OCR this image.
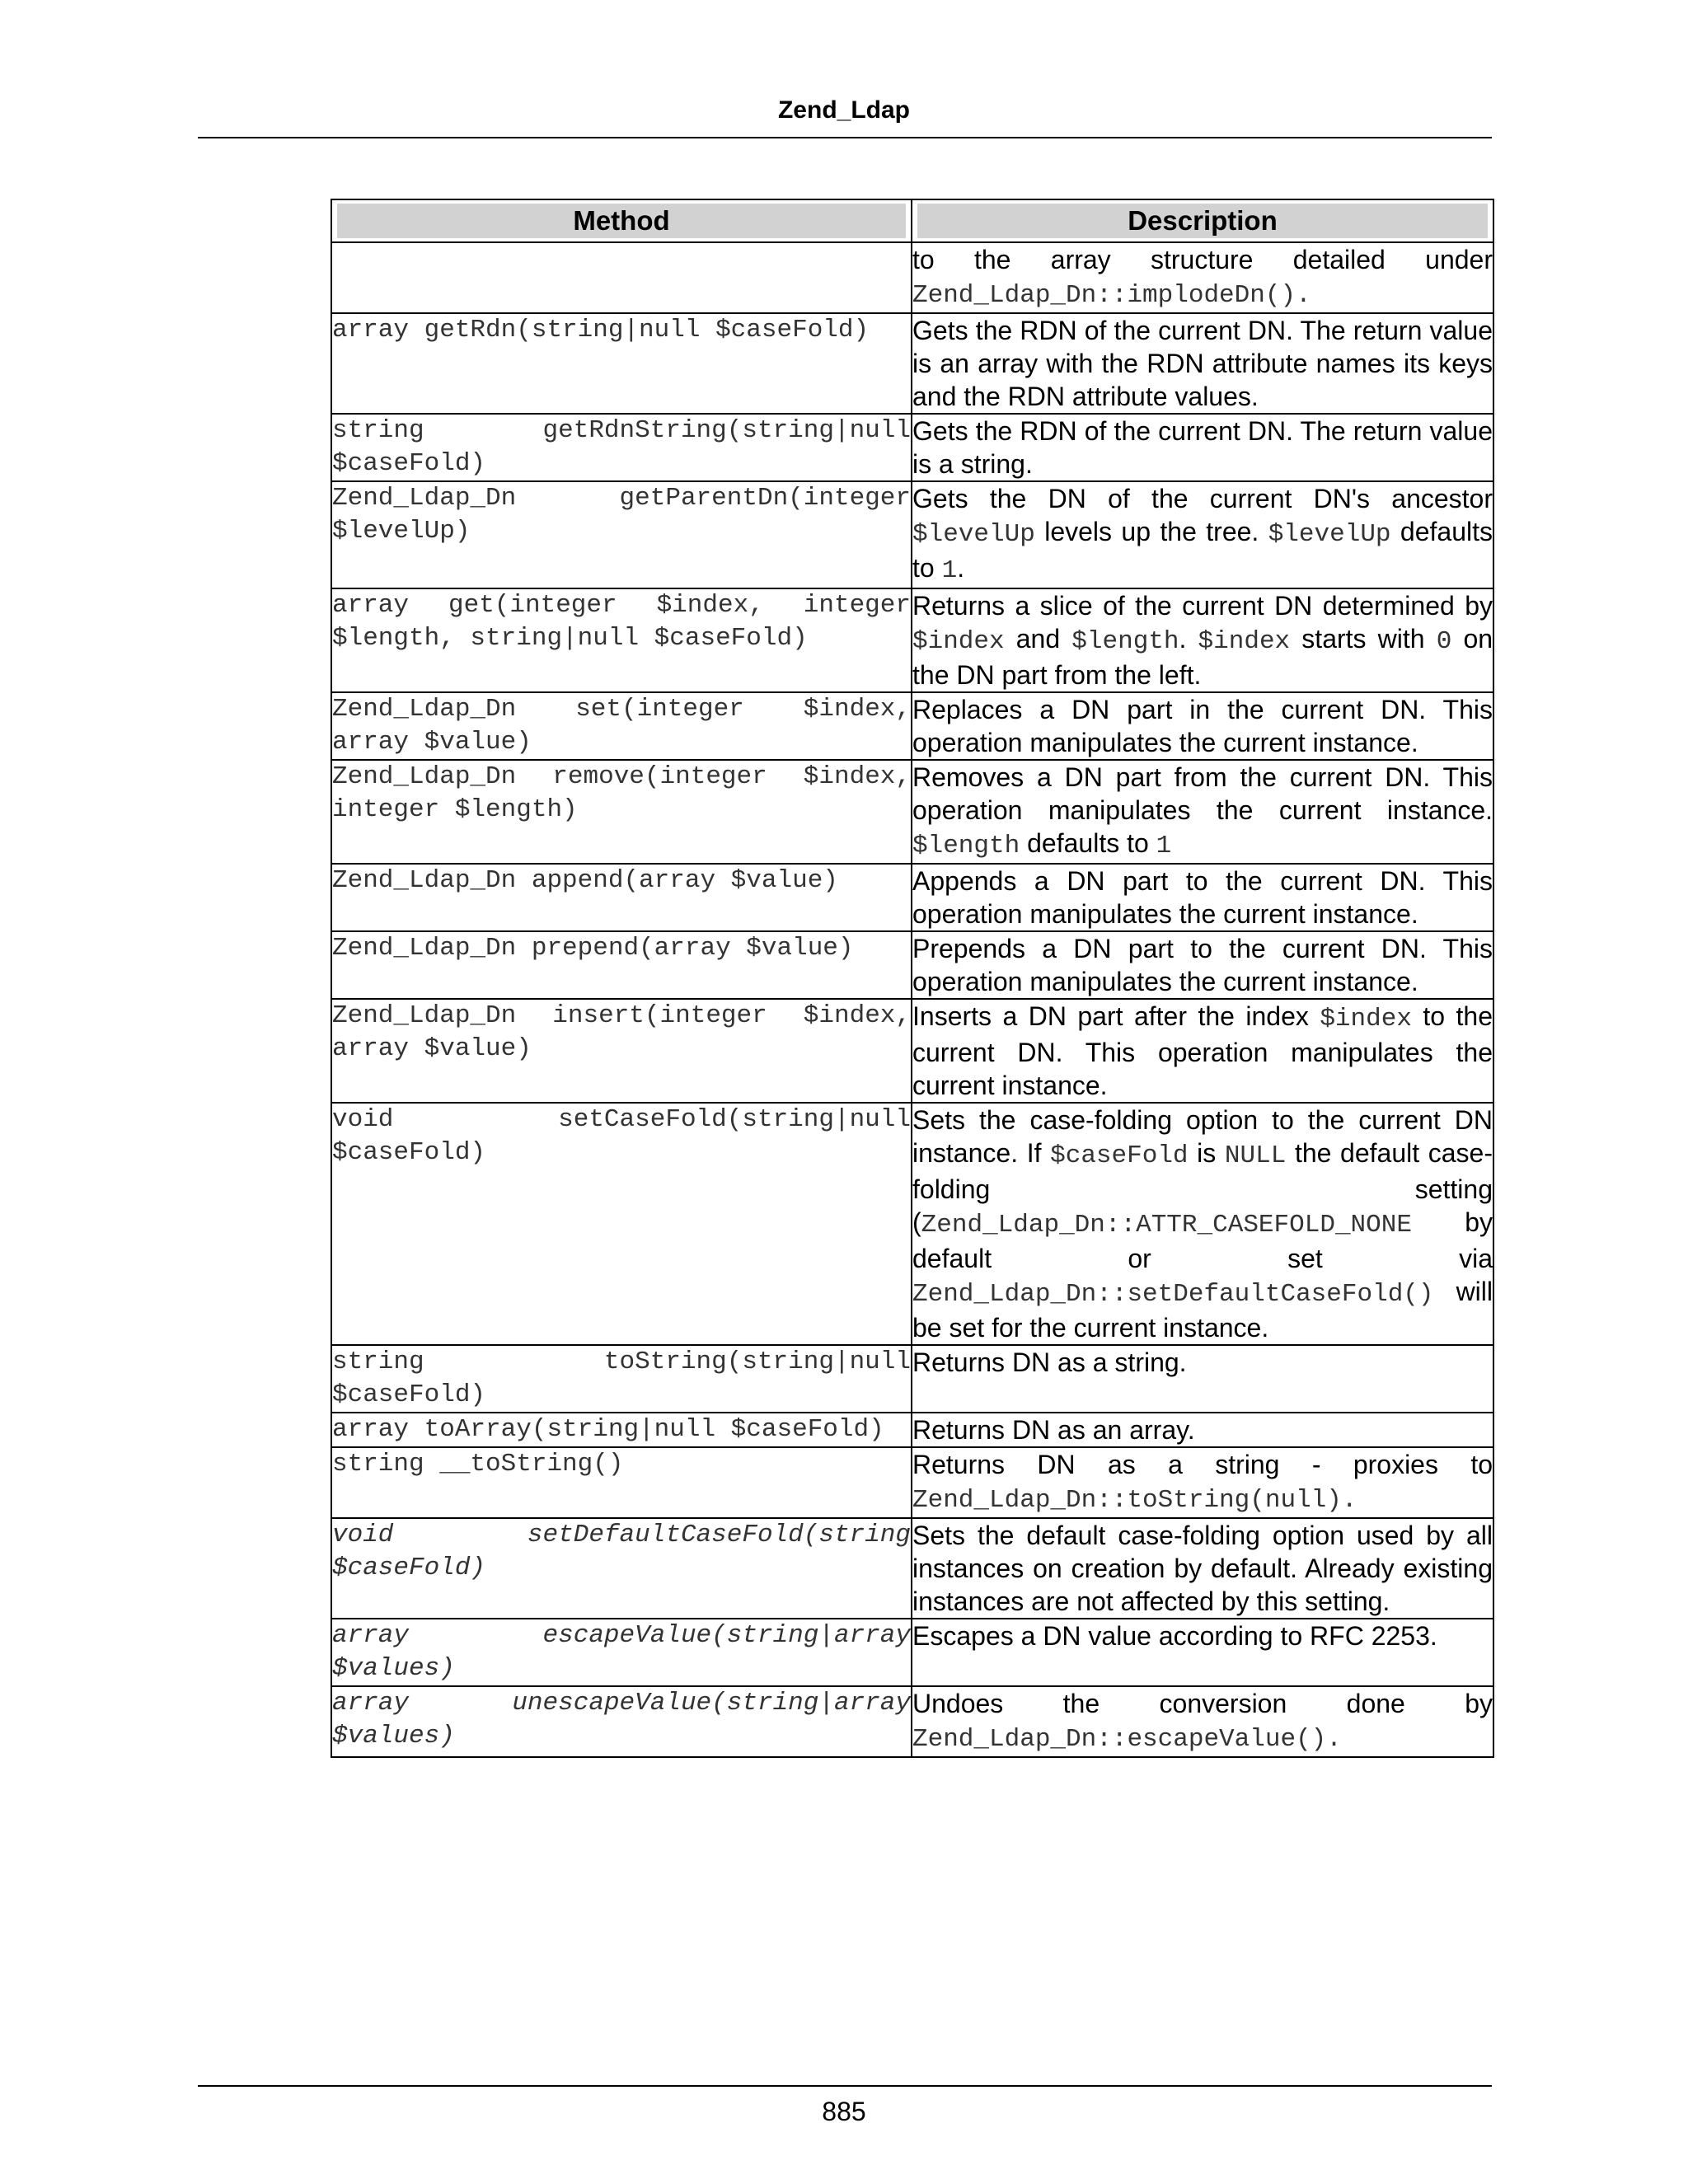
Zend_Ldap
Method	Description

	to the array structure detailed under Zend_Ldap_Dn::implodeDn().
array getRdn(string|null $caseFold)	Gets the RDN of the current DN. The return value is an array with the RDN attribute names its keys and the RDN attribute values.
string getRdnString(string|null $caseFold)	Gets the RDN of the current DN. The return value is a string.
Zend_Ldap_Dn getParentDn(integer $levelUp)	Gets the DN of the current DN's ancestor $levelUp levels up the tree. $levelUp defaults to 1.
array get(integer $index, integer $length, string|null $caseFold)	Returns a slice of the current DN determined by $index and $length. $index starts with 0 on the DN part from the left.
Zend_Ldap_Dn set(integer $index, array $value)	Replaces a DN part in the current DN. This operation manipulates the current instance.
Zend_Ldap_Dn remove(integer $index, integer $length)	Removes a DN part from the current DN. This operation manipulates the current instance. $length defaults to 1
Zend_Ldap_Dn append(array $value)	Appends a DN part to the current DN. This operation manipulates the current instance.
Zend_Ldap_Dn prepend(array $value)	Prepends a DN part to the current DN. This operation manipulates the current instance.
Zend_Ldap_Dn insert(integer $index, array $value)	Inserts a DN part after the index $index to the current DN. This operation manipulates the current instance.
void setCaseFold(string|null $caseFold)	Sets the case-folding option to the current DN instance. If $caseFold is NULL the default case-folding setting (Zend_Ldap_Dn::ATTR_CASEFOLD_NONE by default or set via Zend_Ldap_Dn::setDefaultCaseFold() will be set for the current instance.
string toString(string|null $caseFold)	Returns DN as a string.
array toArray(string|null $caseFold)	Returns DN as an array.
string __toString()	Returns DN as a string - proxies to Zend_Ldap_Dn::toString(null).
void setDefaultCaseFold(string $caseFold)	Sets the default case-folding option used by all instances on creation by default. Already existing instances are not affected by this setting.
array escapeValue(string|array $values)	Escapes a DN value according to RFC 2253.
array unescapeValue(string|array $values)	Undoes the conversion done by Zend_Ldap_Dn::escapeValue().
885
